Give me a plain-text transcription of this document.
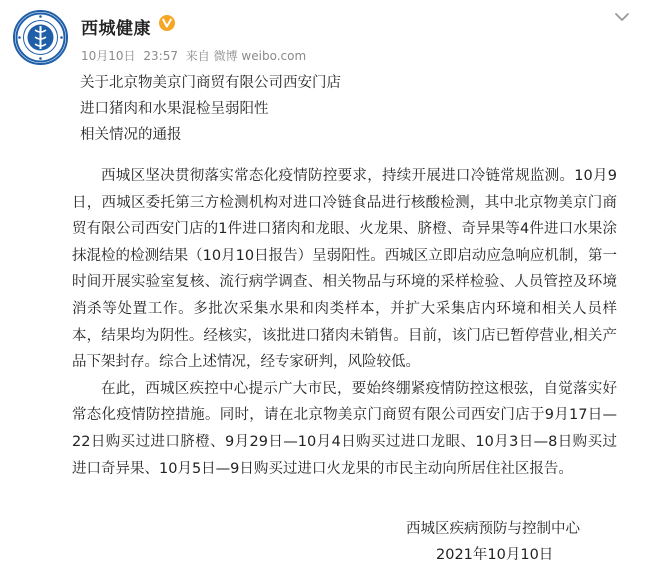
西城健康
10月10日 23:57 来自 微博 weibo.com
关于北京物美京门商贸有限公司西安门店
进口猪肉和水果混检呈弱阳性
相关情况的通报

西城区坚决贯彻落实常态化疫情防控要求，持续开展进口冷链常规监测。10月9日，西城区委托第三方检测机构对进口冷链食品进行核酸检测，其中北京物美京门商贸有限公司西安门店的1件进口猪肉和龙眼、火龙果、脐橙、奇异果等4件进口水果涂抹混检的检测结果（10月10日报告）呈弱阳性。西城区立即启动应急响应机制，第一时间开展实验室复核、流行病学调查、相关物品与环境的采样检验、人员管控及环境消杀等处置工作。多批次采集水果和肉类样本，并扩大采集店内环境和相关人员样本，结果均为阴性。经核实，该批进口猪肉未销售。目前，该门店已暂停营业,相关产品下架封存。综合上述情况，经专家研判，风险较低。

在此，西城区疾控中心提示广大市民，要始终绷紧疫情防控这根弦，自觉落实好常态化疫情防控措施。同时，请在北京物美京门商贸有限公司西安门店于9月17日—22日购买过进口脐橙、9月29日—10月4日购买过进口龙眼、10月3日—8日购买过进口奇异果、10月5日—9日购买过进口火龙果的市民主动向所居住社区报告。

西城区疾病预防与控制中心
2021年10月10日
